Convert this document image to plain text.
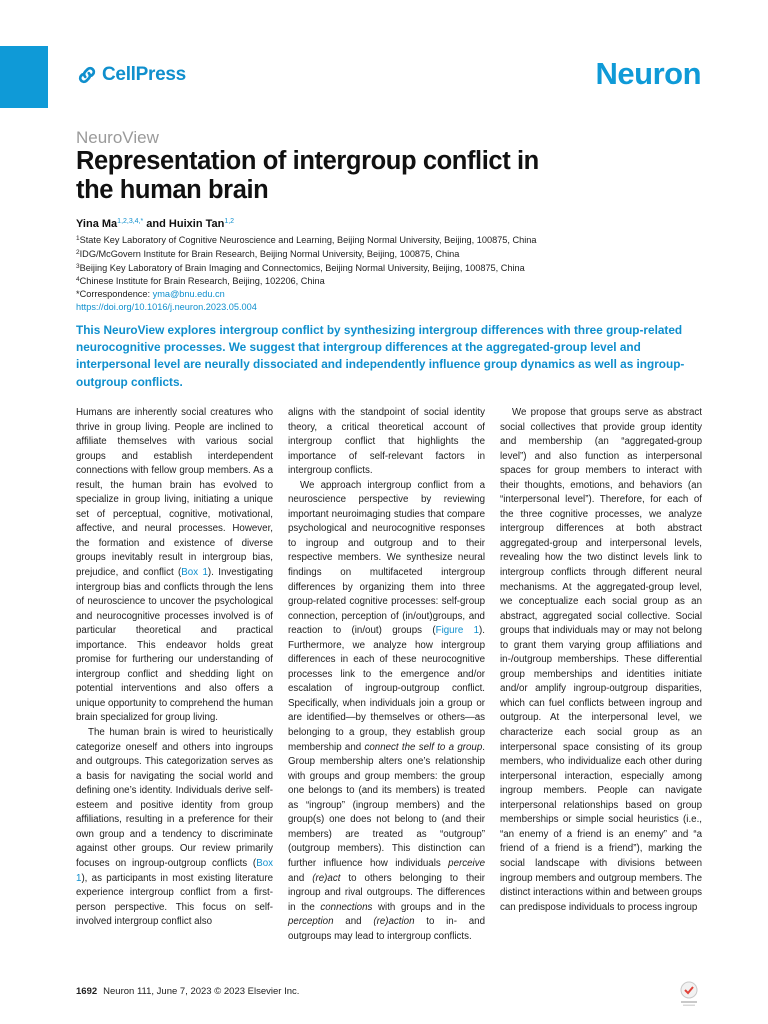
CellPress	Neuron
NeuroView
Representation of intergroup conflict in the human brain
Yina $Ma^{1,2,3,4,*}$ and Huixin Tan$^{1,2}$
$^1$State Key Laboratory of Cognitive Neuroscience and Learning, Beijing Normal University, Beijing, 100875, China
$^2$IDG/McGovern Institute for Brain Research, Beijing Normal University, Beijing, 100875, China
$^3$Beijing Key Laboratory of Brain Imaging and Connectomics, Beijing Normal University, Beijing, 100875, China
$^4$Chinese Institute for Brain Research, Beijing, 102206, China
*Correspondence: yma@bnu.edu.cn
https://doi.org/10.1016/j.neuron.2023.05.004

This NeuroView explores intergroup conflict by synthesizing intergroup differences with three group-related neurocognitive processes. We suggest that intergroup differences at the aggregated-group level and interpersonal level are neurally dissociated and independently influence group dynamics as well as ingroup-outgroup conflicts.

Humans are inherently social creatures who thrive in group living. People are inclined to affiliate themselves with various social groups and establish interdependent connections with fellow group members. As a result, the human brain has evolved to specialize in group living, initiating a unique set of perceptual, cognitive, motivational, affective, and neural processes. However, the formation and existence of diverse groups inevitably result in intergroup bias, prejudice, and conflict (Box 1). Investigating intergroup bias and conflicts through the lens of neuroscience to uncover the psychological and neurocognitive processes involved is of particular theoretical and practical importance. This endeavor holds great promise for furthering our understanding of intergroup conflict and shedding light on potential interventions and also offers a unique opportunity to comprehend the human brain specialized for group living.

The human brain is wired to heuristically categorize oneself and others into ingroups and outgroups. This categorization serves as a basis for navigating the social world and defining one’s identity. Individuals derive self-esteem and positive identity from group affiliations, resulting in a preference for their own group and a tendency to discriminate against other groups. Our review primarily focuses on ingroup-outgroup conflicts (Box 1), as participants in most existing literature experience intergroup conflict from a first-person perspective. This focus on self-involved intergroup conflict also

aligns with the standpoint of social identity theory, a critical theoretical account of intergroup conflict that highlights the importance of self-relevant factors in intergroup conflicts.

We approach intergroup conflict from a neuroscience perspective by reviewing important neuroimaging studies that compare psychological and neurocognitive responses to ingroup and outgroup and to their respective members. We synthesize neural findings on multifaceted intergroup differences by organizing them into three group-related cognitive processes: self-group connection, perception of (in/out)groups, and reaction to (in/out) groups (Figure 1). Furthermore, we analyze how intergroup differences in each of these neurocognitive processes link to the emergence and/or escalation of ingroup-outgroup conflict. Specifically, when individuals join a group or are identified—by themselves or others—as belonging to a group, they establish group membership and connect the self to a group. Group membership alters one’s relationship with groups and group members: the group one belongs to (and its members) is treated as “ingroup” (ingroup members) and the group(s) one does not belong to (and their members) are treated as “outgroup” (outgroup members). This distinction can further influence how individuals perceive and (re)act to others belonging to their ingroup and rival outgroups. The differences in the connections with groups and in the perception and (re)action to in- and outgroups may lead to intergroup conflicts.

We propose that groups serve as abstract social collectives that provide group identity and membership (an “aggregated-group level”) and also function as interpersonal spaces for group members to interact with their thoughts, emotions, and behaviors (an “interpersonal level”). Therefore, for each of the three cognitive processes, we analyze intergroup differences at both abstract aggregated-group and interpersonal levels, revealing how the two distinct levels link to intergroup conflicts through different neural mechanisms. At the aggregated-group level, we conceptualize each social group as an abstract, aggregated social collective. Social groups that individuals may or may not belong to grant them varying group affiliations and in-/outgroup memberships. These differential group memberships and identities initiate and/or amplify ingroup-outgroup disparities, which can fuel conflicts between ingroup and outgroup. At the interpersonal level, we characterize each social group as an interpersonal space consisting of its group members, who individualize each other during interpersonal interaction, especially among ingroup members. People can navigate interpersonal relationships based on group memberships or simple social heuristics (i.e., “an enemy of a friend is an enemy” and “a friend of a friend is a friend”), marking the social landscape with divisions between ingroup members and outgroup members. The distinct interactions within and between groups can predispose individuals to process ingroup

1692 Neuron 111, June 7, 2023 © 2023 Elsevier Inc.
